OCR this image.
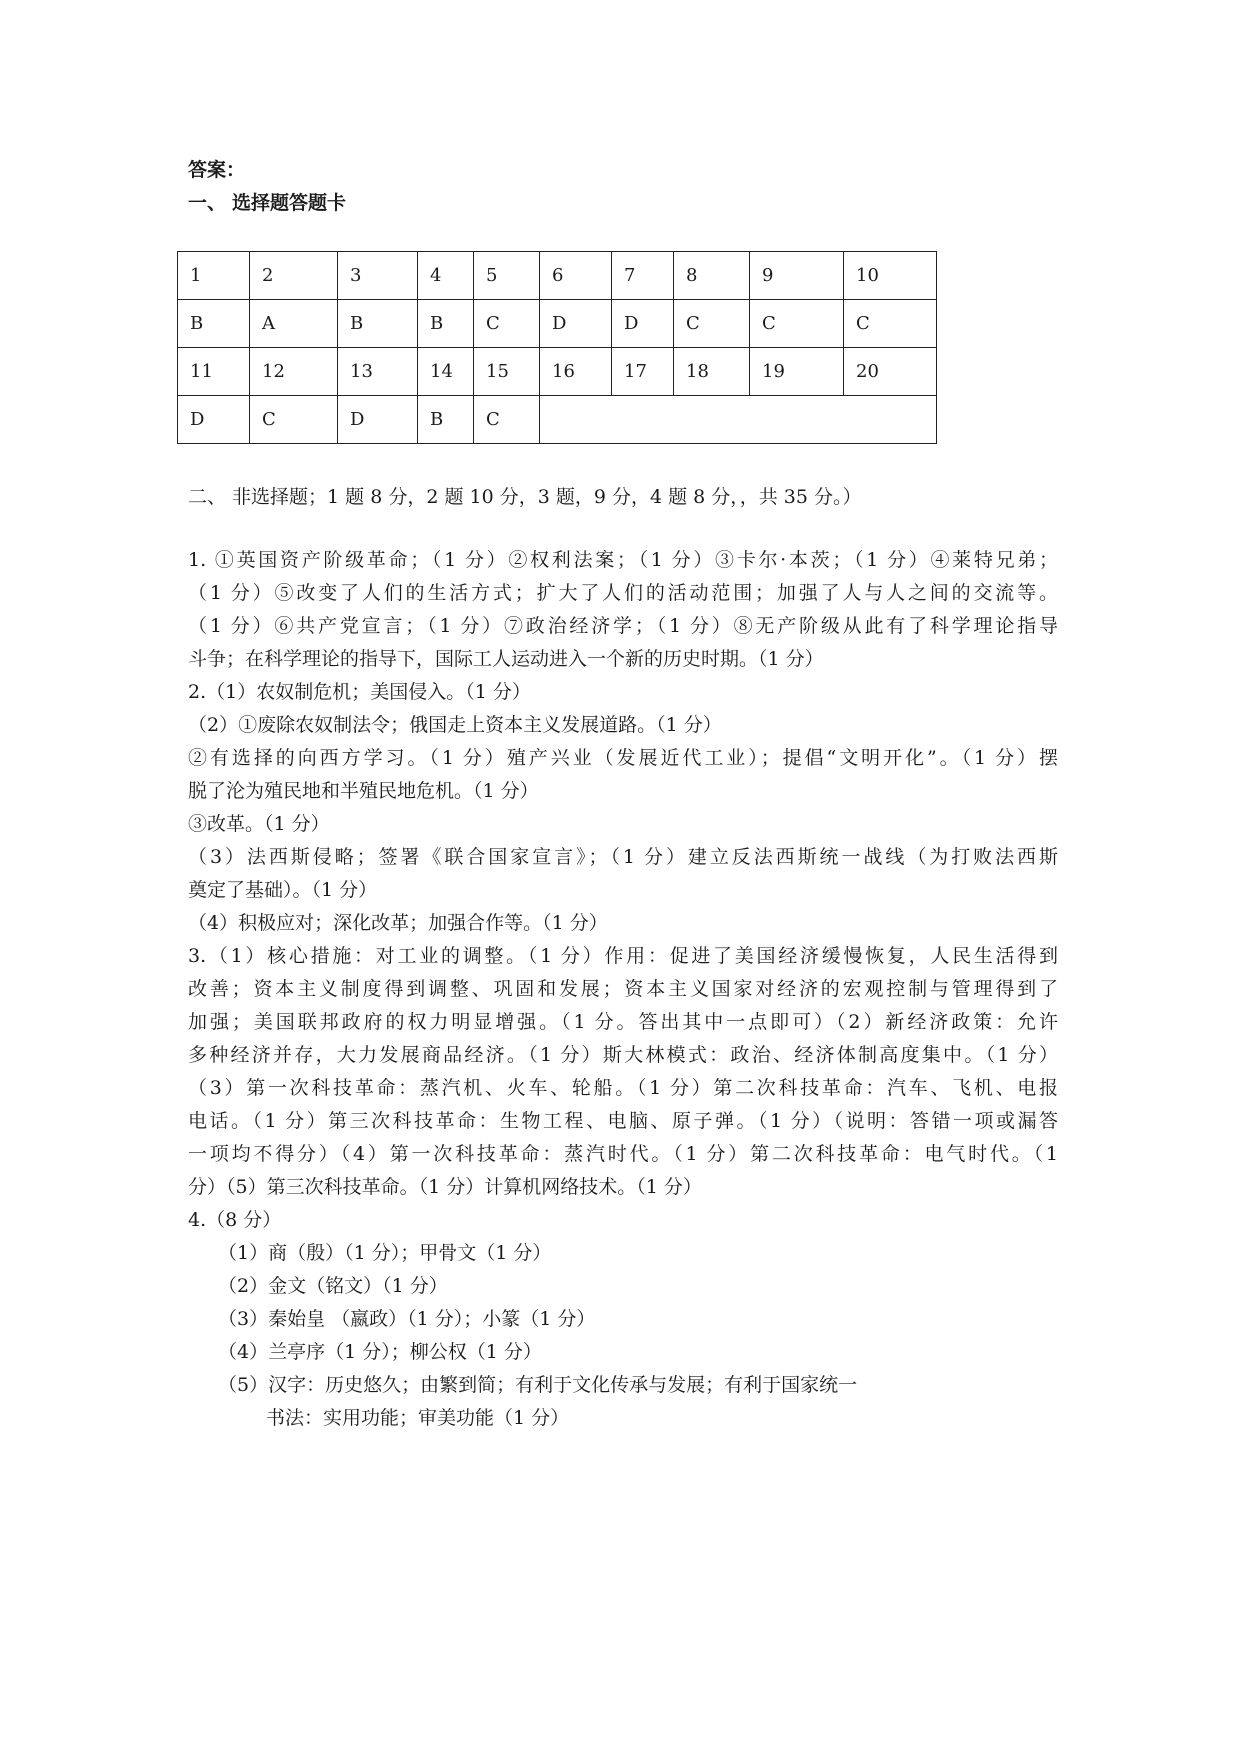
答案：
一、 选择题答题卡
1	2	3	4	5	6	7	8	9	10
B	A	B	B	C	D	D	C	C	C
11	12	13	14	15	16	17	18	19	20
D	C	D	B	C					
二、 非选择题；1 题 8 分，2 题 10 分，3 题，9 分，4 题 8 分，，共 35 分。）
1. ①英国资产阶级革命；（1 分）②权利法案；（1 分）③卡尔·本茨；（1 分）④莱特兄弟；
（1 分）⑤改变了人们的生活方式；扩大了人们的活动范围；加强了人与人之间的交流等。
（1 分）⑥共产党宣言；（1 分）⑦政治经济学；（1 分）⑧无产阶级从此有了科学理论指导
斗争；在科学理论的指导下，国际工人运动进入一个新的历史时期。（1 分）
2.（1）农奴制危机；美国侵入。（1 分）
（2）①废除农奴制法令；俄国走上资本主义发展道路。（1 分）
②有选择的向西方学习。（1 分）殖产兴业（发展近代工业）；提倡“文明开化”。（1 分）摆
脱了沦为殖民地和半殖民地危机。（1 分）
③改革。（1 分）
（3）法西斯侵略；签署《联合国家宣言》；（1 分）建立反法西斯统一战线（为打败法西斯
奠定了基础）。（1 分）
（4）积极应对；深化改革；加强合作等。（1 分）
3.（1）核心措施：对工业的调整。（1 分）作用：促进了美国经济缓慢恢复，人民生活得到
改善；资本主义制度得到调整、巩固和发展；资本主义国家对经济的宏观控制与管理得到了
加强；美国联邦政府的权力明显增强。（1 分。答出其中一点即可）（2）新经济政策：允许
多种经济并存，大力发展商品经济。（1 分）斯大林模式：政治、经济体制高度集中。（1 分）
（3）第一次科技革命：蒸汽机、火车、轮船。（1 分）第二次科技革命：汽车、飞机、电报
电话。（1 分）第三次科技革命：生物工程、电脑、原子弹。（1 分）（说明：答错一项或漏答
一项均不得分）（4）第一次科技革命：蒸汽时代。（1 分）第二次科技革命：电气时代。（1
分）（5）第三次科技革命。（1 分）计算机网络技术。（1 分）
4.（8 分）
（1）商（殷）（1 分）；甲骨文（1 分）
（2）金文（铭文）（1 分）
（3）秦始皇 （嬴政）（1 分）；小篆（1 分）
（4）兰亭序（1 分）；柳公权（1 分）
（5）汉字：历史悠久；由繁到简；有利于文化传承与发展；有利于国家统一
书法：实用功能；审美功能（1 分）
